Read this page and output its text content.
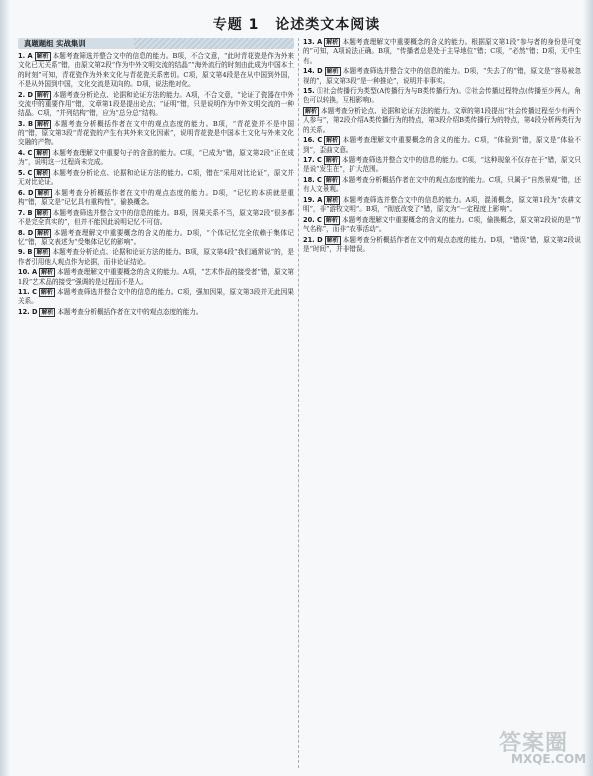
专题 1 论述类文本阅读
真题题组 实战集训
1. A 解析 本题考查筛选并整合文中的信息的能力。B项，不合文意，“此时青花瓷是作为外来文化已无关系”错，由原文第2段“作为中外文明交流的结晶”“海外流行的时刻由此成为中国本土的时刻”可知，青花瓷作为外来文化与青花瓷关系密切。C项，原文第4段是在从中国到外国，不是从外国到中国，文化交流是双向的。D项，说法绝对化。
2. D 解析 本题考查分析论点、论据和论证方法的能力。A项，不合文意，“论证了瓷器在中外交流中的重要作用”错，文章第1段是提出论点；“证明”错，只是说明作为中外文明交流的一种结晶。C项，“并列结构”错，应为“总分总”结构。
3. B 解析 本题考查分析概括作者在文中的观点态度的能力。B项，“青花瓷并不是中国的”错，原文第3段“青花瓷的产生有其外来文化因素”，说明青花瓷是中国本土文化与外来文化交融的产物。
4. C 解析 本题考查理解文中重要句子的含意的能力。C项，“已成为”错，原文第2段“正在成为”，说明这一过程尚未完成。
5. C 解析 本题考查分析论点、论据和论证方法的能力。C项，错在“采用对比论证”，原文并无对比论证。
6. D 解析 本题考查分析概括作者在文中的观点态度的能力。D项，“记忆的本质就是重构”错，原文是“记忆具有重构性”，偷换概念。
7. B 解析 本题考查筛选并整合文中的信息的能力。B项，因果关系不当，原文第2段“很多都不是完全真实的”，但并不能因此说明记忆不可信。
8. D 解析 本题考查理解文中重要概念的含义的能力。D项，“个体记忆完全依赖于集体记忆”错，原文表述为“受集体记忆的影响”。
9. B 解析 本题考查分析论点、论据和论证方法的能力。B项，原文第4段“我们通常说”的，是作者引用他人观点作为论据，而非论证结论。
10. A 解析 本题考查理解文中重要概念的含义的能力。A项，“艺术作品的接受者”错，原文第1段“艺术品的接受”强调的是过程而不是人。
11. C 解析 本题考查筛选并整合文中的信息的能力。C项，强加因果，原文第3段并无此因果关系。
12. D 解析 本题考查分析概括作者在文中的观点态度的能力。
13. A 解析 本题考查理解文中重要概念的含义的能力。根据原文第1段“参与者的身份是可变的”可知，A项说法正确。B项，“传播者总是处于主导地位”错；C项，“必然”错；D项，无中生有。
14. D 解析 本题考查筛选并整合文中的信息的能力。D项，“失去了的”错，原文是“容易被忽视的”，原文第3段“是一种推论”，说明并非事实。
15. ①社会传播行为类型(A传播行为与B类传播行为)。②社会传播过程特点(传播至少两人，角色可以转换，互相影响)。
解析 本题考查分析论点、论据和论证方法的能力。文章的第1段提出“社会传播过程至少有两个人参与”，第2段介绍A类传播行为的特点，第3段介绍B类传播行为的特点，第4段分析两类行为的关系。
16. C 解析 本题考查理解文中重要概念的含义的能力。C项，“体验到”错，原文是“体验不到”，歪曲文意。
17. C 解析 本题考查筛选并整合文中的信息的能力。C项，“这种现象不仅存在于”错，原文只是说“发生在”，扩大范围。
18. C 解析 本题考查分析概括作者在文中的观点态度的能力。C项，只属于“自然景观”错，还有人文景观。
19. A 解析 本题考查筛选并整合文中的信息的能力。A项，混淆概念，原文第1段为“农耕文明”，非“游牧文明”。B项，“彻底改变了”错，原文为“一定程度上影响”。
20. C 解析 本题考查理解文中重要概念的含义的能力。C项，偷换概念，原文第2段说的是“节气名称”，而非“农事活动”。
21. D 解析 本题考查分析概括作者在文中的观点态度的能力。D项，“错误”错，原文第2段说是“时间”，并非错误。
答案圈
MXQE.COM
